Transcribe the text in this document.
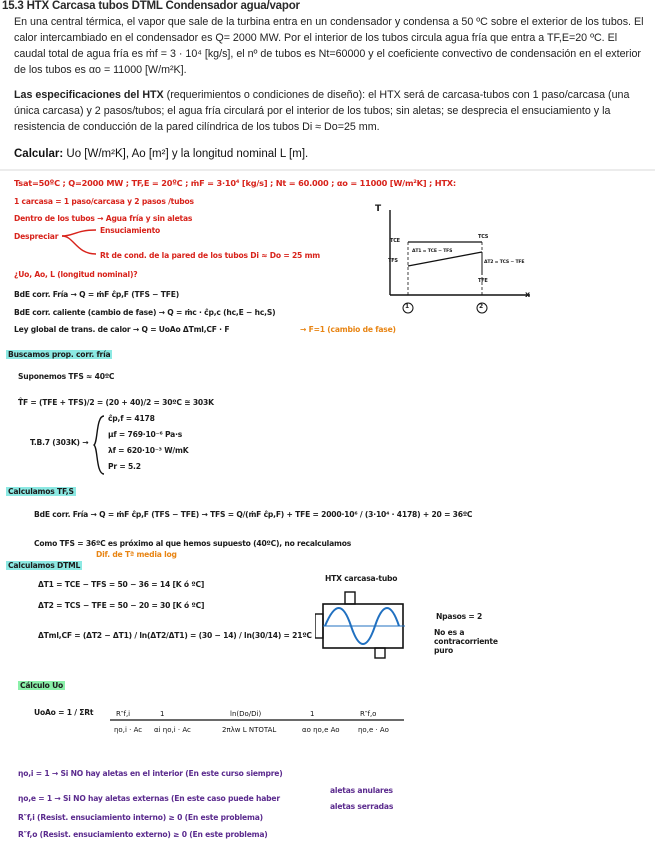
15.3 HTX Carcasa tubos DTML Condensador agua/vapor

En una central térmica, el vapor que sale de la turbina entra en un condensador y condensa a 50 ºC sobre el exterior de los tubos. El calor intercambiado en el condensador es Q= 2000 MW. Por el interior de los tubos circula agua fría que entra a TF,E=20 ºC. El caudal total de agua fría es ṁf = 3 · 10⁴ [kg/s], el nº de tubos es Nt=60000 y el coeficiente convectivo de condensación en el exterior de los tubos es αo = 11000 [W/m²K].

Las especificaciones del HTX (requerimientos o condiciones de diseño): el HTX será de carcasa-tubos con 1 paso/carcasa (una única carcasa) y 2 pasos/tubos; el agua fría circulará por el interior de los tubos; sin aletas; se desprecia el ensuciamiento y la resistencia de conducción de la pared cilíndrica de los tubos Di ≈ Do=25 mm.

Calcular: Uo [W/m²K], Ao [m²] y la longitud nominal L [m].
Tsat=50ºC ; Q=2000 MW ; TF,E = 20ºC ; ṁF = 3·10⁴ [kg/s] ; Nt = 60.000 ; αo = 11000 [W/m²K] ; HTX:
1 carcasa = 1 paso/carcasa y 2 pasos /tubos
Dentro de los tubos → Agua fría y sin aletas
Despreciar
Ensuciamiento
Rt de cond. de la pared de los tubos Di ≈ Do = 25 mm
¿Uo, Ao, L (longitud nominal)?
BdE corr. Fría → Q = ṁF ĉp,F (TFS − TFE)
BdE corr. caliente (cambio de fase) → Q = ṁc · ĉp,c (hc,E − hc,S)
Ley global de trans. de calor → Q = UoAo ΔTml,CF · F	→ F=1 (cambio de fase)
T
x
TCE
TCS
TFS
TFE
ΔT1 = TCE − TFS
ΔT2 = TCS − TFE
1	2
Buscamos prop. corr. fría
Suponemos TFS ≈ 40ºC
T̂F = (TFE + TFS)/2 = (20 + 40)/2 = 30ºC ≅ 303K
T.B.7 (303K) →
ĉp,f = 4178
μf = 769·10⁻⁶ Pa·s
λf = 620·10⁻³ W/mK
Pr = 5.2
Calculamos TF,S
BdE corr. Fría → Q = ṁF ĉp,F (TFS − TFE) → TFS = Q/(ṁF ĉp,F) + TFE = 2000·10⁶ / (3·10⁴ · 4178) + 20 = 36ºC
Como TFS = 36ºC es próximo al que hemos supuesto (40ºC), no recalculamos
Dif. de Tª media log
Calculamos DTML
ΔT1 = TCE − TFS = 50 − 36 = 14 [K ó ºC]
ΔT2 = TCS − TFE = 50 − 20 = 30 [K ó ºC]
ΔTml,CF = (ΔT2 − ΔT1) / ln(ΔT2/ΔT1) = (30 − 14) / ln(30/14) = 21ºC
HTX carcasa-tubo
Npasos = 2
No es a contracorriente puro
Cálculo Uo
UoAo = 1 / ΣRt	R″f,i
ηo,i · Ac
1
αi ηo,i · Ac
ln(Do/Di)
2πλw L NTOTAL
1
αo ηo,e Ao
R″f,o
ηo,e · Ao
ηo,i = 1 → Si NO hay aletas en el interior (En este curso siempre)
ηo,e = 1 → Si NO hay aletas externas (En este caso puede haber
aletas anulares
aletas serradas
R″f,i (Resist. ensuciamiento interno) ≥ 0 (En este problema)
R″f,o (Resist. ensuciamiento externo) ≥ 0 (En este problema)
